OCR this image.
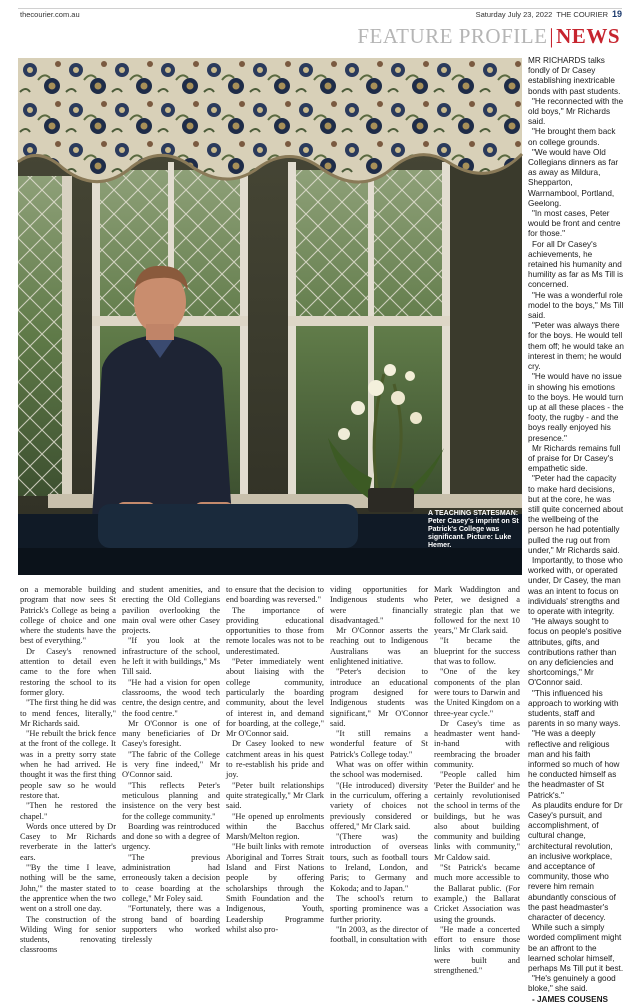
thecourier.com.au	Saturday July 23, 2022 THE COURIER 19
FEATURE PROFILE|NEWS
A TEACHING STATESMAN:
Peter Casey's imprint on St Patrick's College was significant. Picture: Luke Hemer.

on a memorable building program that now sees St Patrick's College as being a college of choice and one where the students have the best of everything."

Dr Casey's renowned attention to detail even came to the fore when restoring the school to its former glory.

"The first thing he did was to mend fences, literally," Mr Richards said.

"He rebuilt the brick fence at the front of the college. It was in a pretty sorry state when he had arrived. He thought it was the first thing people saw so he would restore that.

"Then he restored the chapel."

Words once uttered by Dr Casey to Mr Richards reverberate in the latter's ears.

"'By the time I leave, nothing will be the same, John,'" the master stated to the apprentice when the two went on a stroll one day.

The construction of the Wilding Wing for senior students, renovating classrooms

and student amenities, and erecting the Old Collegians pavilion overlooking the main oval were other Casey projects.

"If you look at the infrastructure of the school, he left it with buildings," Ms Till said.

"He had a vision for open classrooms, the wood tech centre, the design centre, and the food centre."

Mr O'Connor is one of many beneficiaries of Dr Casey's foresight.

"The fabric of the College is very fine indeed," Mr O'Connor said.

"This reflects Peter's meticulous planning and insistence on the very best for the college community."

Boarding was reintroduced and done so with a degree of urgency.

"The previous administration had erroneously taken a decision to cease boarding at the college," Mr Foley said.

"Fortunately, there was a strong band of boarding supporters who worked tirelessly

to ensure that the decision to end boarding was reversed."

The importance of providing educational opportunities to those from remote locales was not to be underestimated.

"Peter immediately went about liaising with the college community, particularly the boarding community, about the level of interest in, and demand for boarding, at the college," Mr O'Connor said.

Dr Casey looked to new catchment areas in his quest to re-establish his pride and joy.

"Peter built relationships quite strategically," Mr Clark said.

"He opened up enrolments within the Bacchus Marsh/Melton region.

"He built links with remote Aboriginal and Torres Strait Island and First Nations people by offering scholarships through the Smith Foundation and the Indigenous, Youth, Leadership Programme whilst also pro-

viding opportunities for Indigenous students who were financially disadvantaged."

Mr O'Connor asserts the reaching out to Indigenous Australians was an enlightened initiative.

"Peter's decision to introduce an educational program designed for Indigenous students was significant," Mr O'Connor said.

"It still remains a wonderful feature of St Patrick's College today."

What was on offer within the school was modernised.

"(He introduced) diversity in the curriculum, offering a variety of choices not previously considered or offered," Mr Clark said.

"(There was) the introduction of overseas tours, such as football tours to Ireland, London, and Paris; to Germany and Kokoda; and to Japan."

The school's return to sporting prominence was a further priority.

"In 2003, as the director of football, in consultation with

Mark Waddington and Peter, we designed a strategic plan that we followed for the next 10 years," Mr Clark said.

"It became the blueprint for the success that was to follow.

"One of the key components of the plan were tours to Darwin and the United Kingdom on a three-year cycle."

Dr Casey's time as headmaster went hand-in-hand with reembracing the broader community.

"People called him 'Peter the Builder' and he certainly revolutionised the school in terms of the buildings, but he was also about building community and building links with community," Mr Caldow said.

"St Patrick's became much more accessible to the Ballarat public. (For example,) the Ballarat Cricket Association was using the grounds.

"He made a concerted effort to ensure those links with community were built and strengthened."

MR RICHARDS talks fondly of Dr Casey establishing inextricable bonds with past students.

"He reconnected with the old boys," Mr Richards said.

"He brought them back on college grounds.

"We would have Old Collegians dinners as far as away as Mildura, Shepparton, Warrnambool, Portland, Geelong.

"In most cases, Peter would be front and centre for those."

For all Dr Casey's achievements, he retained his humanity and humility as far as Ms Till is concerned.

"He was a wonderful role model to the boys," Ms Till said.

"Peter was always there for the boys. He would tell them off; he would take an interest in them; he would cry.

"He would have no issue in showing his emotions to the boys. He would turn up at all these places - the footy, the rugby - and the boys really enjoyed his presence."

Mr Richards remains full of praise for Dr Casey's empathetic side.

"Peter had the capacity to make hard decisions, but at the core, he was still quite concerned about the wellbeing of the person he had potentially pulled the rug out from under," Mr Richards said.

Importantly, to those who worked with, or operated under, Dr Casey, the man was an intent to focus on individuals' strengths and to operate with integrity.

"He always sought to focus on people's positive attributes, gifts, and contributions rather than on any deficiencies and shortcomings," Mr O'Connor said.

"This influenced his approach to working with students, staff and parents in so many ways.

"He was a deeply reflective and religious man and his faith informed so much of how he conducted himself as the headmaster of St Patrick's."

As plaudits endure for Dr Casey's pursuit, and accomplishment, of cultural change, architectural revolution, an inclusive workplace, and acceptance of community, those who revere him remain abundantly conscious of the past headmaster's character of decency.

While such a simply worded compliment might be an affront to the learned scholar himself, perhaps Ms Till put it best.

"He's genuinely a good bloke," she said.

- JAMES COUSENS
